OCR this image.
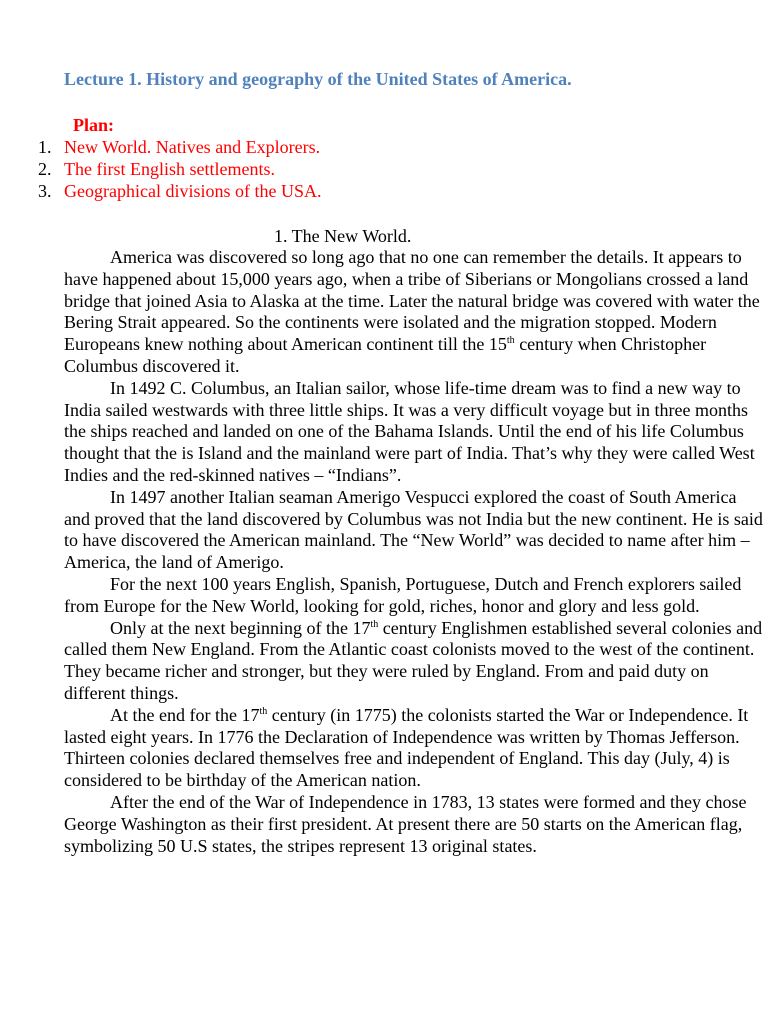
Lecture 1. History and geography of the United States of America.
Plan:
1. New World. Natives and Explorers.
2. The first English settlements.
3. Geographical divisions of the USA.
1. The New World.

America was discovered so long ago that no one can remember the details. It appears to have happened about 15,000 years ago, when a tribe of Siberians or Mongolians crossed a land bridge that joined Asia to Alaska at the time. Later the natural bridge was covered with water the Bering Strait appeared. So the continents were isolated and the migration stopped. Modern Europeans knew nothing about American continent till the 15th century when Christopher Columbus discovered it.

In 1492 C. Columbus, an Italian sailor, whose life-time dream was to find a new way to India sailed westwards with three little ships. It was a very difficult voyage but in three months the ships reached and landed on one of the Bahama Islands. Until the end of his life Columbus thought that the is Island and the mainland were part of India. That’s why they were called West Indies and the red-skinned natives – “Indians”.

In 1497 another Italian seaman Amerigo Vespucci explored the coast of South America and proved that the land discovered by Columbus was not India but the new continent. He is said to have discovered the American mainland. The “New World” was decided to name after him –America, the land of Amerigo.

For the next 100 years English, Spanish, Portuguese, Dutch and French explorers sailed from Europe for the New World, looking for gold, riches, honor and glory and less gold.

Only at the next beginning of the 17th century Englishmen established several colonies and called them New England. From the Atlantic coast colonists moved to the west of the continent. They became richer and stronger, but they were ruled by England. From and paid duty on different things.

At the end for the 17th century (in 1775) the colonists started the War or Independence. It lasted eight years. In 1776 the Declaration of Independence was written by Thomas Jefferson. Thirteen colonies declared themselves free and independent of England. This day (July, 4) is considered to be birthday of the American nation.

After the end of the War of Independence in 1783, 13 states were formed and they chose George Washington as their first president. At present there are 50 starts on the American flag, symbolizing 50 U.S states, the stripes represent 13 original states.
